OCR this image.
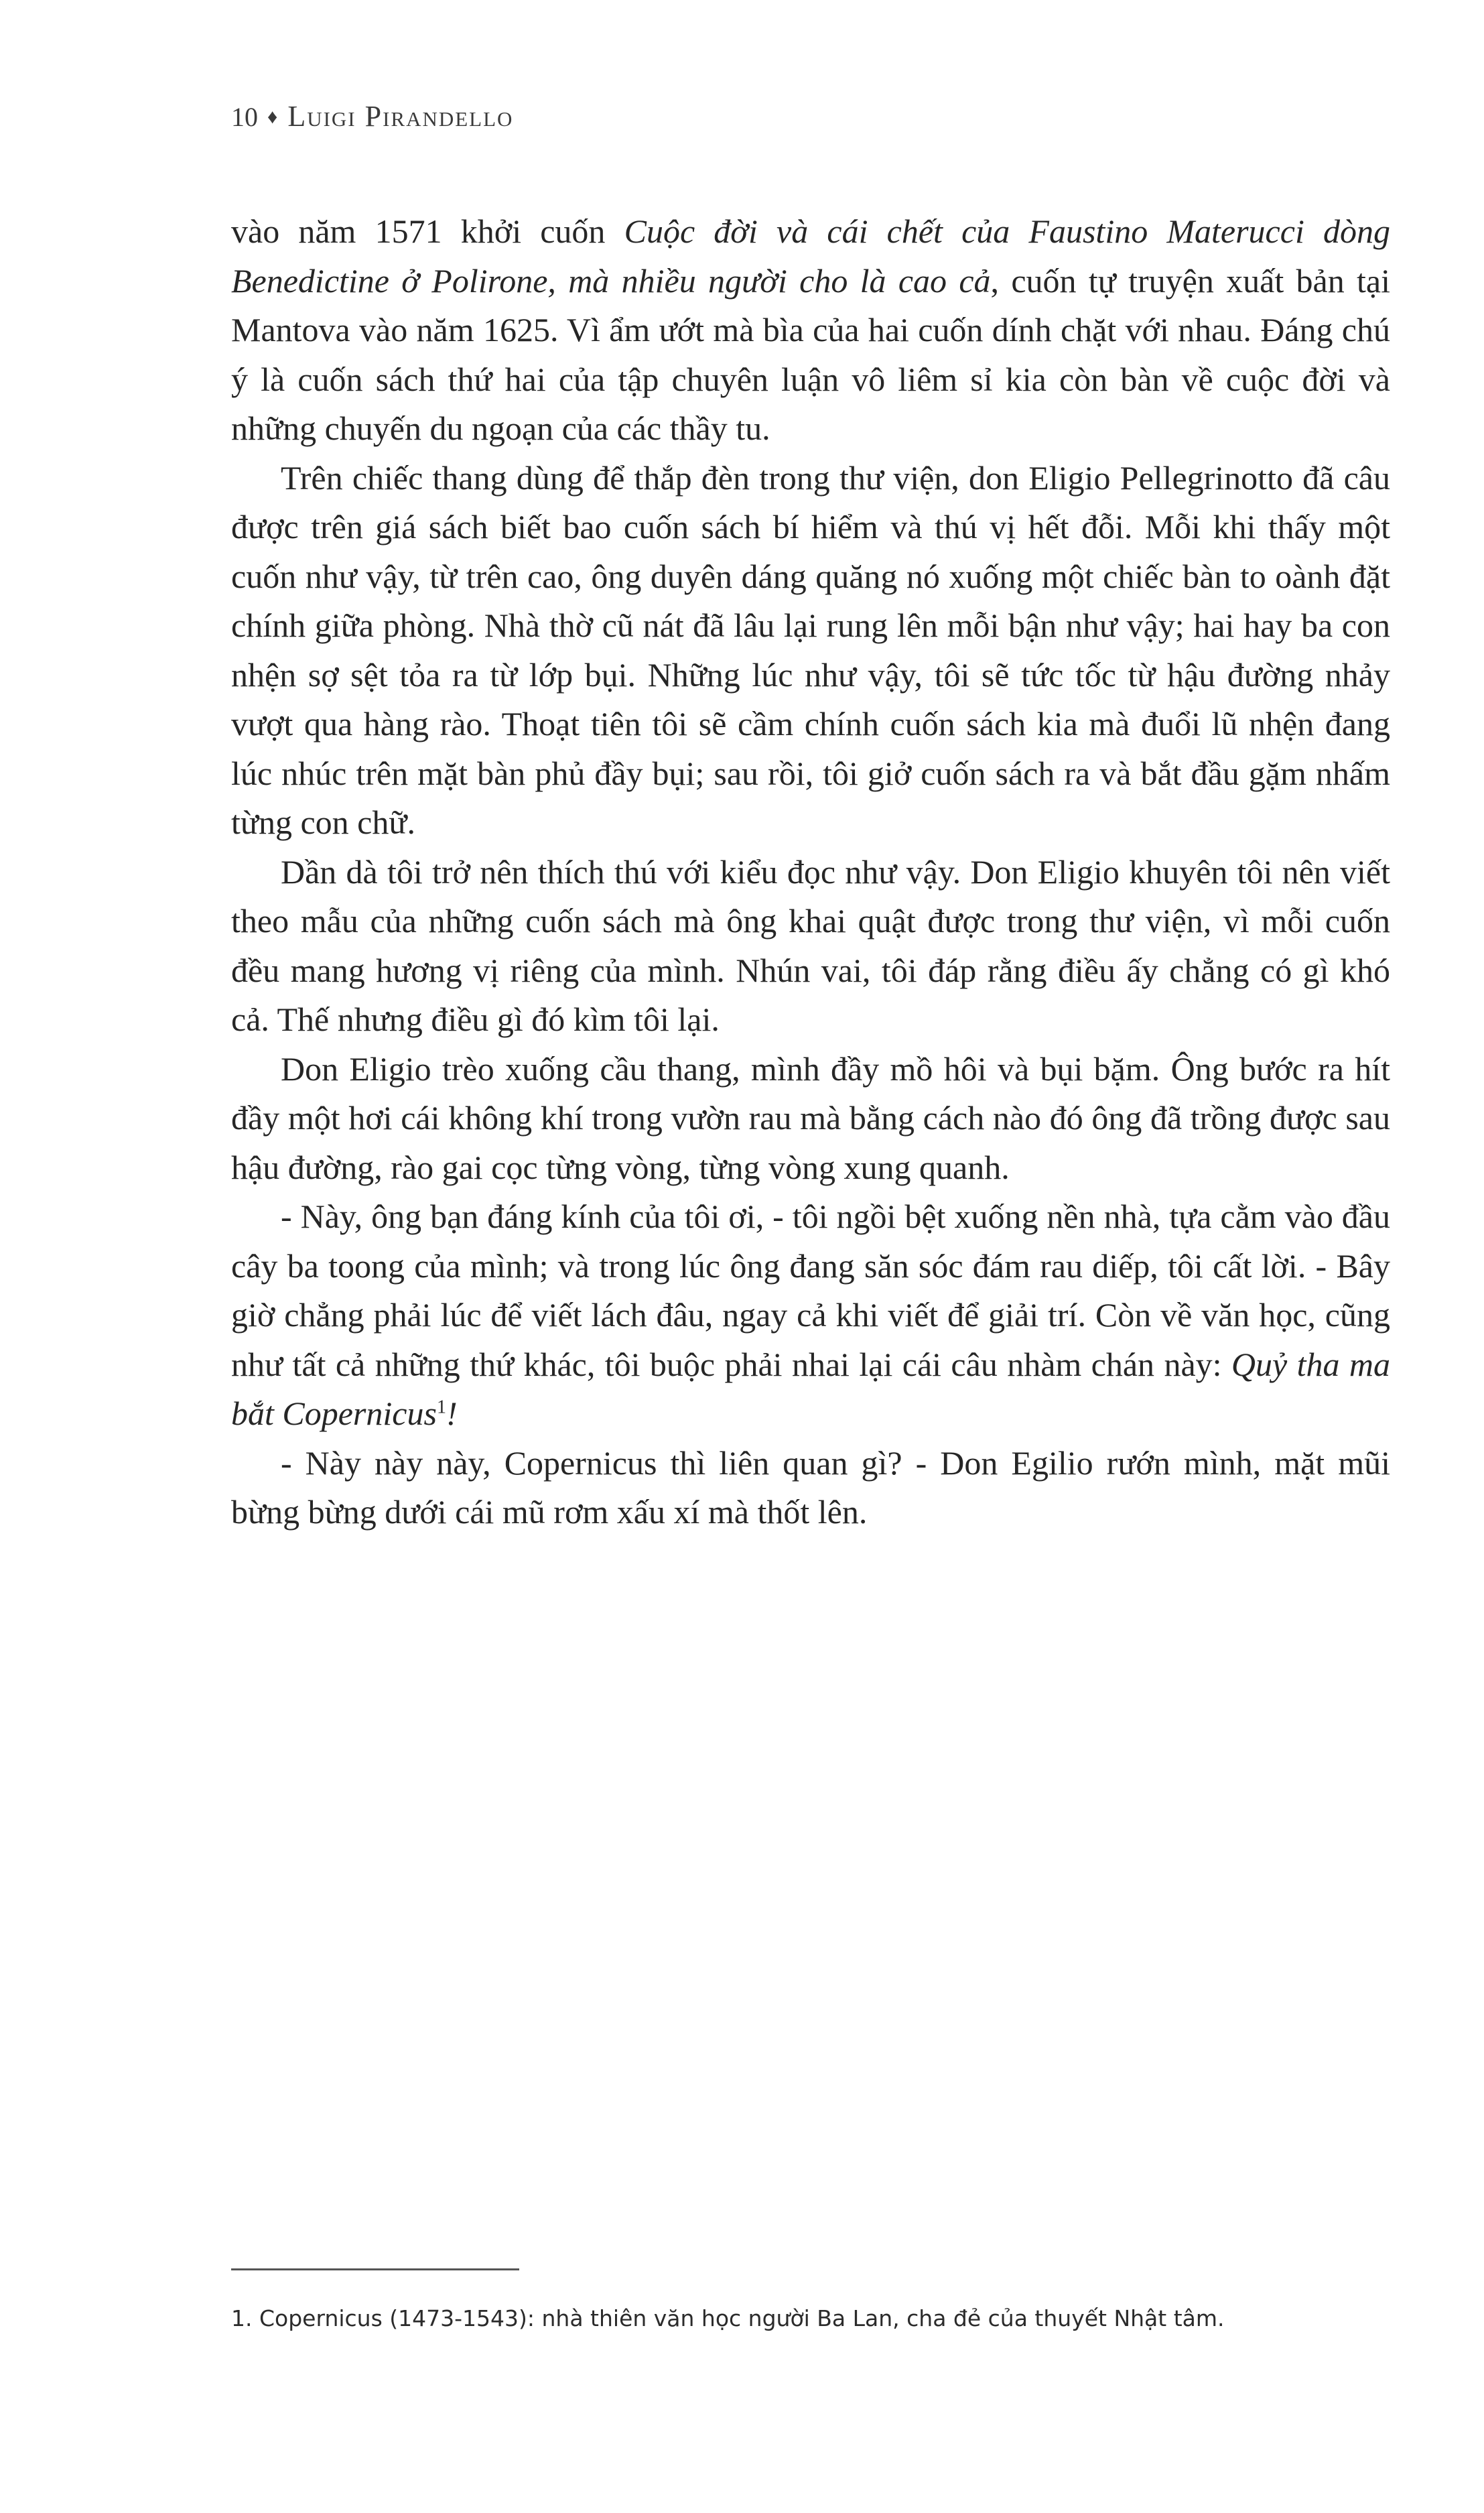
10 ♦ Luigi Pirandello

vào năm 1571 khởi cuốn Cuộc đời và cái chết của Faustino Materucci dòng Benedictine ở Polirone, mà nhiều người cho là cao cả, cuốn tự truyện xuất bản tại Mantova vào năm 1625. Vì ẩm ướt mà bìa của hai cuốn dính chặt với nhau. Đáng chú ý là cuốn sách thứ hai của tập chuyên luận vô liêm sỉ kia còn bàn về cuộc đời và những chuyến du ngoạn của các thầy tu.

Trên chiếc thang dùng để thắp đèn trong thư viện, don Eligio Pellegrinotto đã câu được trên giá sách biết bao cuốn sách bí hiểm và thú vị hết đỗi. Mỗi khi thấy một cuốn như vậy, từ trên cao, ông duyên dáng quăng nó xuống một chiếc bàn to oành đặt chính giữa phòng. Nhà thờ cũ nát đã lâu lại rung lên mỗi bận như vậy; hai hay ba con nhện sợ sệt tỏa ra từ lớp bụi. Những lúc như vậy, tôi sẽ tức tốc từ hậu đường nhảy vượt qua hàng rào. Thoạt tiên tôi sẽ cầm chính cuốn sách kia mà đuổi lũ nhện đang lúc nhúc trên mặt bàn phủ đầy bụi; sau rồi, tôi giở cuốn sách ra và bắt đầu gặm nhấm từng con chữ.

Dần dà tôi trở nên thích thú với kiểu đọc như vậy. Don Eligio khuyên tôi nên viết theo mẫu của những cuốn sách mà ông khai quật được trong thư viện, vì mỗi cuốn đều mang hương vị riêng của mình. Nhún vai, tôi đáp rằng điều ấy chẳng có gì khó cả. Thế nhưng điều gì đó kìm tôi lại.

Don Eligio trèo xuống cầu thang, mình đầy mồ hôi và bụi bặm. Ông bước ra hít đầy một hơi cái không khí trong vườn rau mà bằng cách nào đó ông đã trồng được sau hậu đường, rào gai cọc từng vòng, từng vòng xung quanh.

- Này, ông bạn đáng kính của tôi ơi, - tôi ngồi bệt xuống nền nhà, tựa cằm vào đầu cây ba toong của mình; và trong lúc ông đang săn sóc đám rau diếp, tôi cất lời. - Bây giờ chẳng phải lúc để viết lách đâu, ngay cả khi viết để giải trí. Còn về văn học, cũng như tất cả những thứ khác, tôi buộc phải nhai lại cái câu nhàm chán này: Quỷ tha ma bắt Copernicus$^1$!

- Này này này, Copernicus thì liên quan gì? - Don Egilio rướn mình, mặt mũi bừng bừng dưới cái mũ rơm xấu xí mà thốt lên.

1. Copernicus (1473-1543): nhà thiên văn học người Ba Lan, cha đẻ của thuyết Nhật tâm.
